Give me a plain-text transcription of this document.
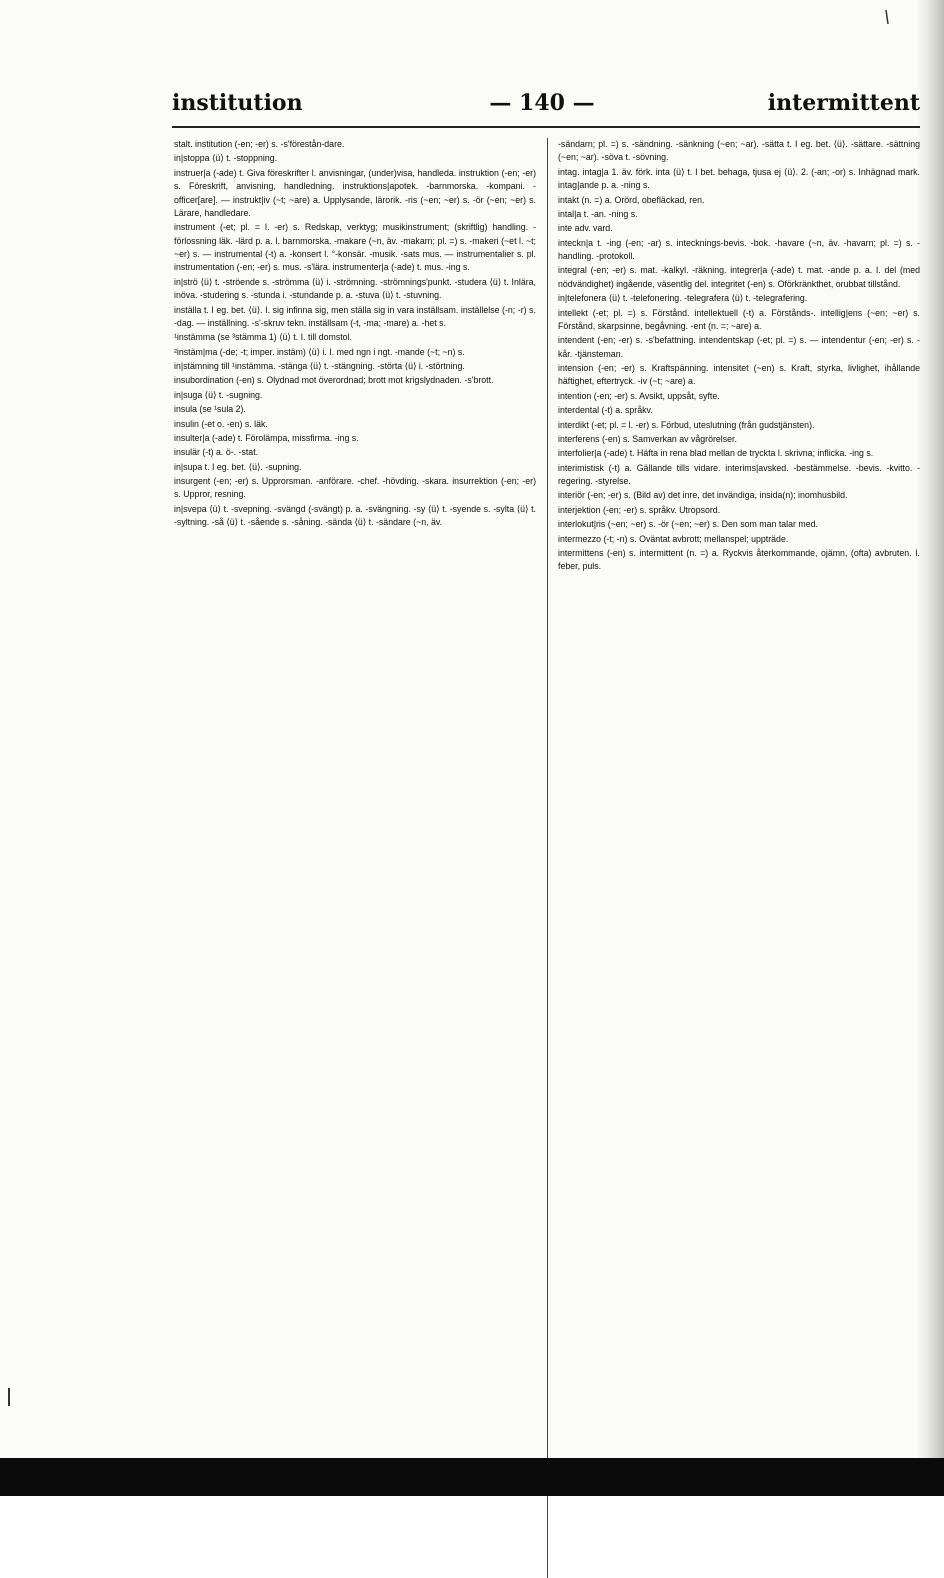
institution	— 140 —	intermittent

stalt. institution (-en; -er) s. -s'förestån-dare.

in|stoppa ⟨ü⟩ t. -stoppning.

instruer|a (-ade) t. Giva föreskrifter l. anvisningar, (under)visa, handleda. instruktion (-en; -er) s. Föreskrift, anvisning, handledning. instruktions|apotek. -barnmorska. -kompani. -officer[are]. — instrukt|iv (~t; ~are) a. Upplysande, lärorik. -ris (~en; ~er) s. -ör (~en; ~er) s. Lärare, handledare.

instrument (-et; pl. = l. -er) s. Redskap, verktyg; musikinstrument; (skriftlig) handling. -förlossning läk. -lärd p. a. I. barnmorska. -makare (~n, äv. -makarn; pl. =) s. -makeri (~et l. ~t; ~er) s. — instrumental (-t) a. -konsert l. °-konsär. -musik. -sats mus. — instrumentalier s. pl. instrumentation (-en; -er) s. mus. -s'lära. instrumenter|a (-ade) t. mus. -ing s.

in|strö ⟨ü⟩ t. -ströende s. -strömma ⟨ü⟩ i. -strömning. -strömnings'punkt. -studera ⟨ü⟩ t. Inlära, inöva. -studering s. -stunda i. -stundande p. a. -stuva ⟨ü⟩ t. -stuvning.

inställa t. I eg. bet. ⟨ü⟩. I. sig infinna sig, men ställa sig in vara inställsam. inställelse (-n; -r) s. -dag. — inställning. -s'-skruv tekn. inställsam (-t, -ma; -mare) a. -het s.

¹instämma (se ³stämma 1) ⟨ü⟩ t. I. till domstol.

²instäm|ma (-de; -t; imper. instäm) ⟨ü⟩ i. I. med ngn i ngt. -mande (~t; ~n) s.

in|stämning till ¹instämma. -stänga ⟨ü⟩ t. -stängning. -störta ⟨ü⟩ i. -störtning.

insubordination (-en) s. Olydnad mot överordnad; brott mot krigslydnaden. -s'brott.

in|suga ⟨ü⟩ t. -sugning.

insula (se ¹sula 2).

insulin (-et o. -en) s. läk.

insulter|a (-ade) t. Förolämpa, missfirma. -ing s.

insulär (-t) a. ö-. -stat.

in|supa t. I eg. bet. ⟨ü⟩. -supning.

insurgent (-en; -er) s. Upprorsman. -anförare. -chef. -hövding. -skara. insurrektion (-en; -er) s. Uppror, resning.

in|svepa ⟨ü⟩ t. -svepning. -svängd (-svängt) p. a. -svängning. -sy ⟨ü⟩ t. -syende s. -sylta ⟨ü⟩ t. -syltning. -så ⟨ü⟩ t. -sående s. -såning. -sända ⟨ü⟩ t. -sändare (~n, äv.

-sändarn; pl. =) s. -sändning. -sänkning (~en; ~ar). -sätta t. I eg. bet. ⟨ü⟩. -sättare. -sättning (~en; ~ar). -söva t. -sövning.

intag. intag|a 1. äv. förk. inta ⟨ü⟩ t. I bet. behaga, tjusa ej ⟨ü⟩. 2. (-an; -or) s. Inhägnad mark. intag|ande p. a. -ning s.

intakt (n. =) a. Orörd, obefläckad, ren.

intal|a t. -an. -ning s.

inte adv. vard.

inteckn|a t. -ing (-en; -ar) s. intecknings-bevis. -bok. -havare (~n, äv. -havarn; pl. =) s. -handling. -protokoll.

integral (-en; -er) s. mat. -kalkyl. -räkning. integrer|a (-ade) t. mat. -ande p. a. I. del (med nödvändighet) ingående, väsentlig del. integritet (-en) s. Oförkränkthet, orubbat tillstånd.

in|telefonera ⟨ü⟩ t. -telefonering. -telegrafera ⟨ü⟩ t. -telegrafering.

intellekt (-et; pl. =) s. Förstånd. intellektuell (-t) a. Förstånds-. intellig|ens (~en; ~er) s. Förstånd, skarpsinne, begåvning. -ent (n. =; ~are) a.

intendent (-en; -er) s. -s'befattning. intendentskap (-et; pl. =) s. — intendentur (-en; -er) s. -kår. -tjänsteman.

intension (-en; -er) s. Kraftspänning. intensitet (~en) s. Kraft, styrka, livlighet, ihållande häftighet, eftertryck. -iv (~t; ~are) a.

intention (-en; -er) s. Avsikt, uppsåt, syfte.

interdental (-t) a. språkv.

interdikt (-et; pl. = l. -er) s. Förbud, uteslutning (från gudstjänsten).

interferens (-en) s. Samverkan av vågrörelser.

interfolier|a (-ade) t. Häfta in rena blad mellan de tryckta l. skrivna; inflicka. -ing s.

interimistisk (-t) a. Gällande tills vidare. interims|avsked. -bestämmelse. -bevis. -kvitto. -regering. -styrelse.

interiör (-en; -er) s. (Bild av) det inre, det invändiga, insida(n); inomhusbild.

interjektion (-en; -er) s. språkv. Utropsord.

interlokut|ris (~en; ~er) s. -ör (~en; ~er) s. Den som man talar med.

intermezzo (-t; -n) s. Oväntat avbrott; mellanspel; uppträde.

intermittens (-en) s. intermittent (n. =) a. Ryckvis återkommande, ojämn, (ofta) avbruten. I. feber, puls.
